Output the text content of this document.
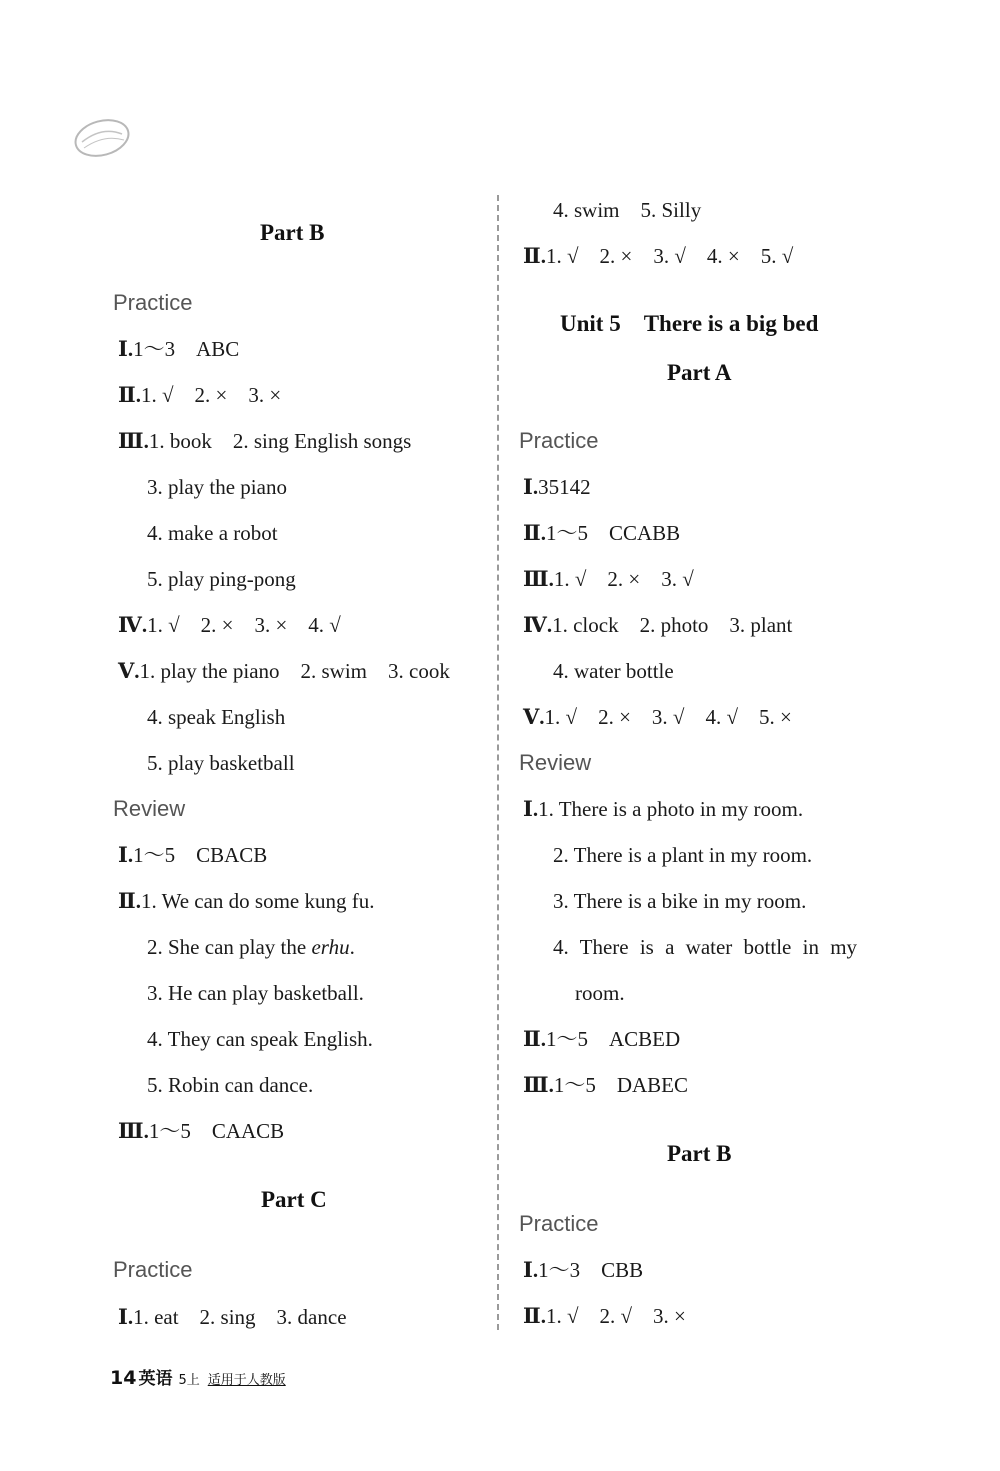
Part B
Practice
Ⅰ.1～3　ABC
Ⅱ.1. √　2. ×　3. ×
Ⅲ.1. book　2. sing English songs
3. play the piano
4. make a robot
5. play ping-pong
Ⅳ.1. √　2. ×　3. ×　4. √
Ⅴ.1. play the piano　2. swim　3. cook
4. speak English
5. play basketball
Review
Ⅰ.1～5　CBACB
Ⅱ.1. We can do some kung fu.
2. She can play the erhu.
3. He can play basketball.
4. They can speak English.
5. Robin can dance.
Ⅲ.1～5　CAACB
Part C
Practice
Ⅰ.1. eat　2. sing　3. dance
4. swim　5. Silly
Ⅱ.1. √　2. ×　3. √　4. ×　5. √
Unit 5　There is a big bed
Part A
Practice
Ⅰ.35142
Ⅱ.1～5　CCABB
Ⅲ.1. √　2. ×　3. √
Ⅳ.1. clock　2. photo　3. plant
4. water bottle
Ⅴ.1. √　2. ×　3. √　4. √　5. ×
Review
Ⅰ.1. There is a photo in my room.
2. There is a plant in my room.
3. There is a bike in my room.
4. There is a water bottle in my
room.
Ⅱ.1～5　ACBED
Ⅲ.1～5　DABEC
Part B
Practice
Ⅰ.1～3　CBB
Ⅱ.1. √　2. √　3. ×
14 英语 5上 适用于人教版
